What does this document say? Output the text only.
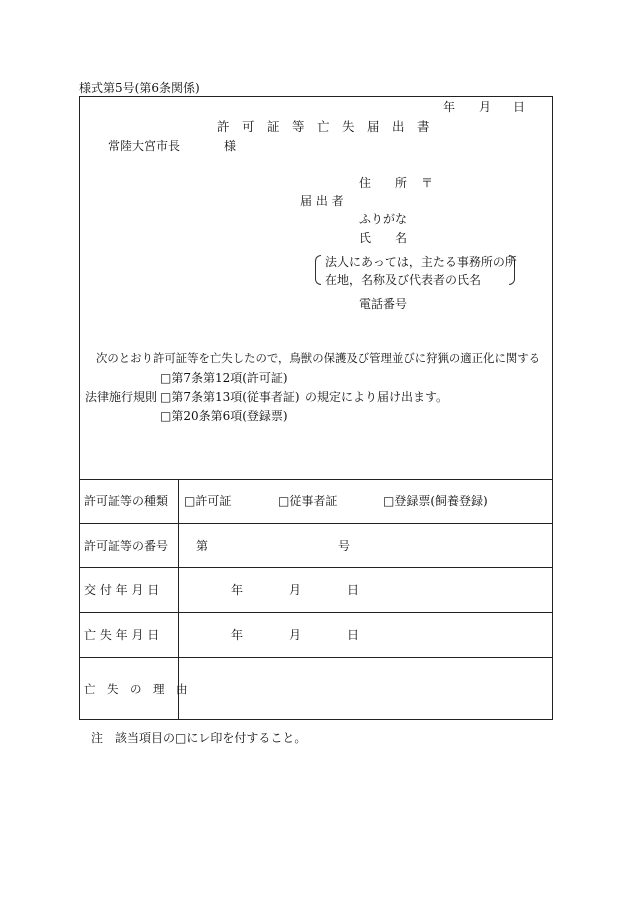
様式第5号(第6条関係)
年 月 日
許　可　証　等　亡　失　届　出　書
常陸大宮市長	様
住　　所 〒
届 出 者
ふりがな
氏　　名
法人にあっては，主たる事務所の所
在地，名称及び代表者の氏名
電話番号
次のとおり許可証等を亡失したので，鳥獣の保護及び管理並びに狩猟の適正化に関する
□第7条第12項(許可証)
法律施行規則 □第7条第13項(従事者証) の規定により届け出ます。
□第20条第6項(登録票)
許可証等の種類 □許可証	□従事者証	□登録票(飼養登録)
許可証等の番号 第	号
交 付 年 月 日	年	月	日
亡 失 年 月 日	年	月	日
亡　失　の　理　由
注　該当項目の□にレ印を付すること。
